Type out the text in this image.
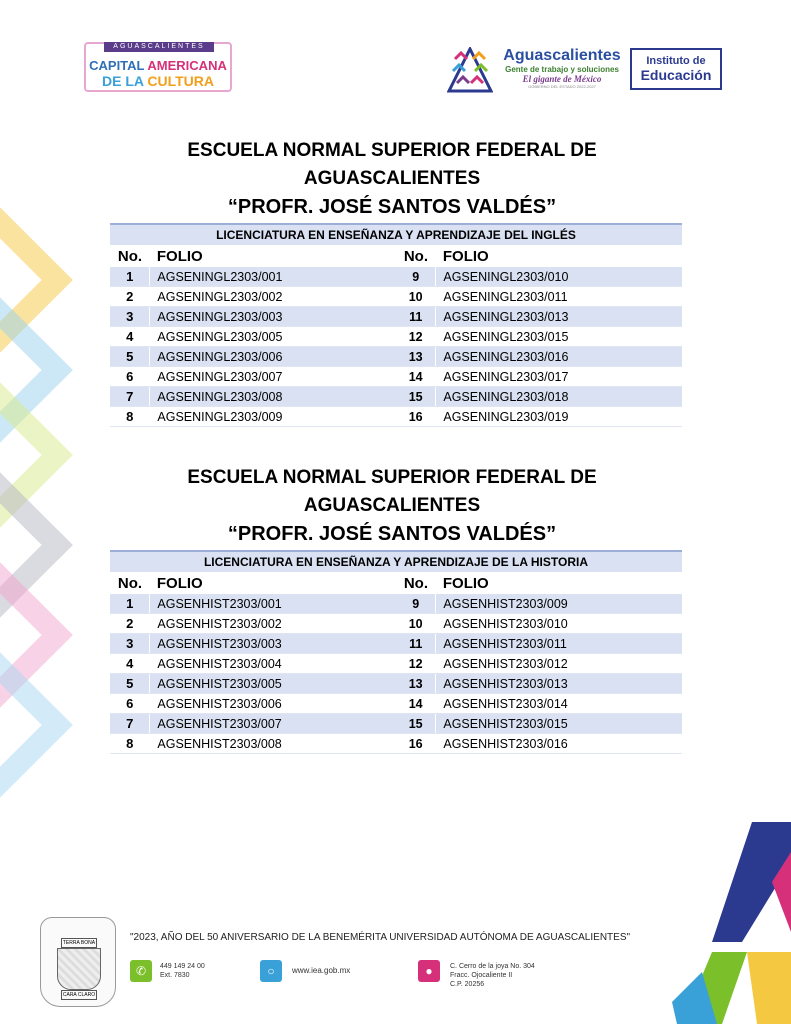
AGUASCALIENTES
CAPITAL AMERICANA
DE LA CULTURA
Aguascalientes
Gente de trabajo y soluciones
El gigante de México
GOBIERNO DEL ESTADO 2022-2027
Instituto de
Educación
ESCUELA NORMAL SUPERIOR FEDERAL DE
AGUASCALIENTES
“PROFR. JOSÉ SANTOS VALDÉS”
LICENCIATURA EN ENSEÑANZA Y APRENDIZAJE DEL INGLÉS
No.	FOLIO	No.	FOLIO
1	AGSENINGL2303/001	9	AGSENINGL2303/010
2	AGSENINGL2303/002	10	AGSENINGL2303/011
3	AGSENINGL2303/003	11	AGSENINGL2303/013
4	AGSENINGL2303/005	12	AGSENINGL2303/015
5	AGSENINGL2303/006	13	AGSENINGL2303/016
6	AGSENINGL2303/007	14	AGSENINGL2303/017
7	AGSENINGL2303/008	15	AGSENINGL2303/018
8	AGSENINGL2303/009	16	AGSENINGL2303/019
ESCUELA NORMAL SUPERIOR FEDERAL DE
AGUASCALIENTES
“PROFR. JOSÉ SANTOS VALDÉS”
LICENCIATURA EN ENSEÑANZA Y APRENDIZAJE DE LA HISTORIA
No.	FOLIO	No.	FOLIO
1	AGSENHIST2303/001	9	AGSENHIST2303/009
2	AGSENHIST2303/002	10	AGSENHIST2303/010
3	AGSENHIST2303/003	11	AGSENHIST2303/011
4	AGSENHIST2303/004	12	AGSENHIST2303/012
5	AGSENHIST2303/005	13	AGSENHIST2303/013
6	AGSENHIST2303/006	14	AGSENHIST2303/014
7	AGSENHIST2303/007	15	AGSENHIST2303/015
8	AGSENHIST2303/008	16	AGSENHIST2303/016
TERRA BONA
CARA CLARO
"2023, AÑO DEL 50 ANIVERSARIO DE LA BENEMÉRITA UNIVERSIDAD AUTÓNOMA DE AGUASCALIENTES"
✆	449 149 24 00
Ext. 7830	○	www.iea.gob.mx	●	C. Cerro de la joya No. 304
Fracc. Ojocaliente II
C.P. 20256
